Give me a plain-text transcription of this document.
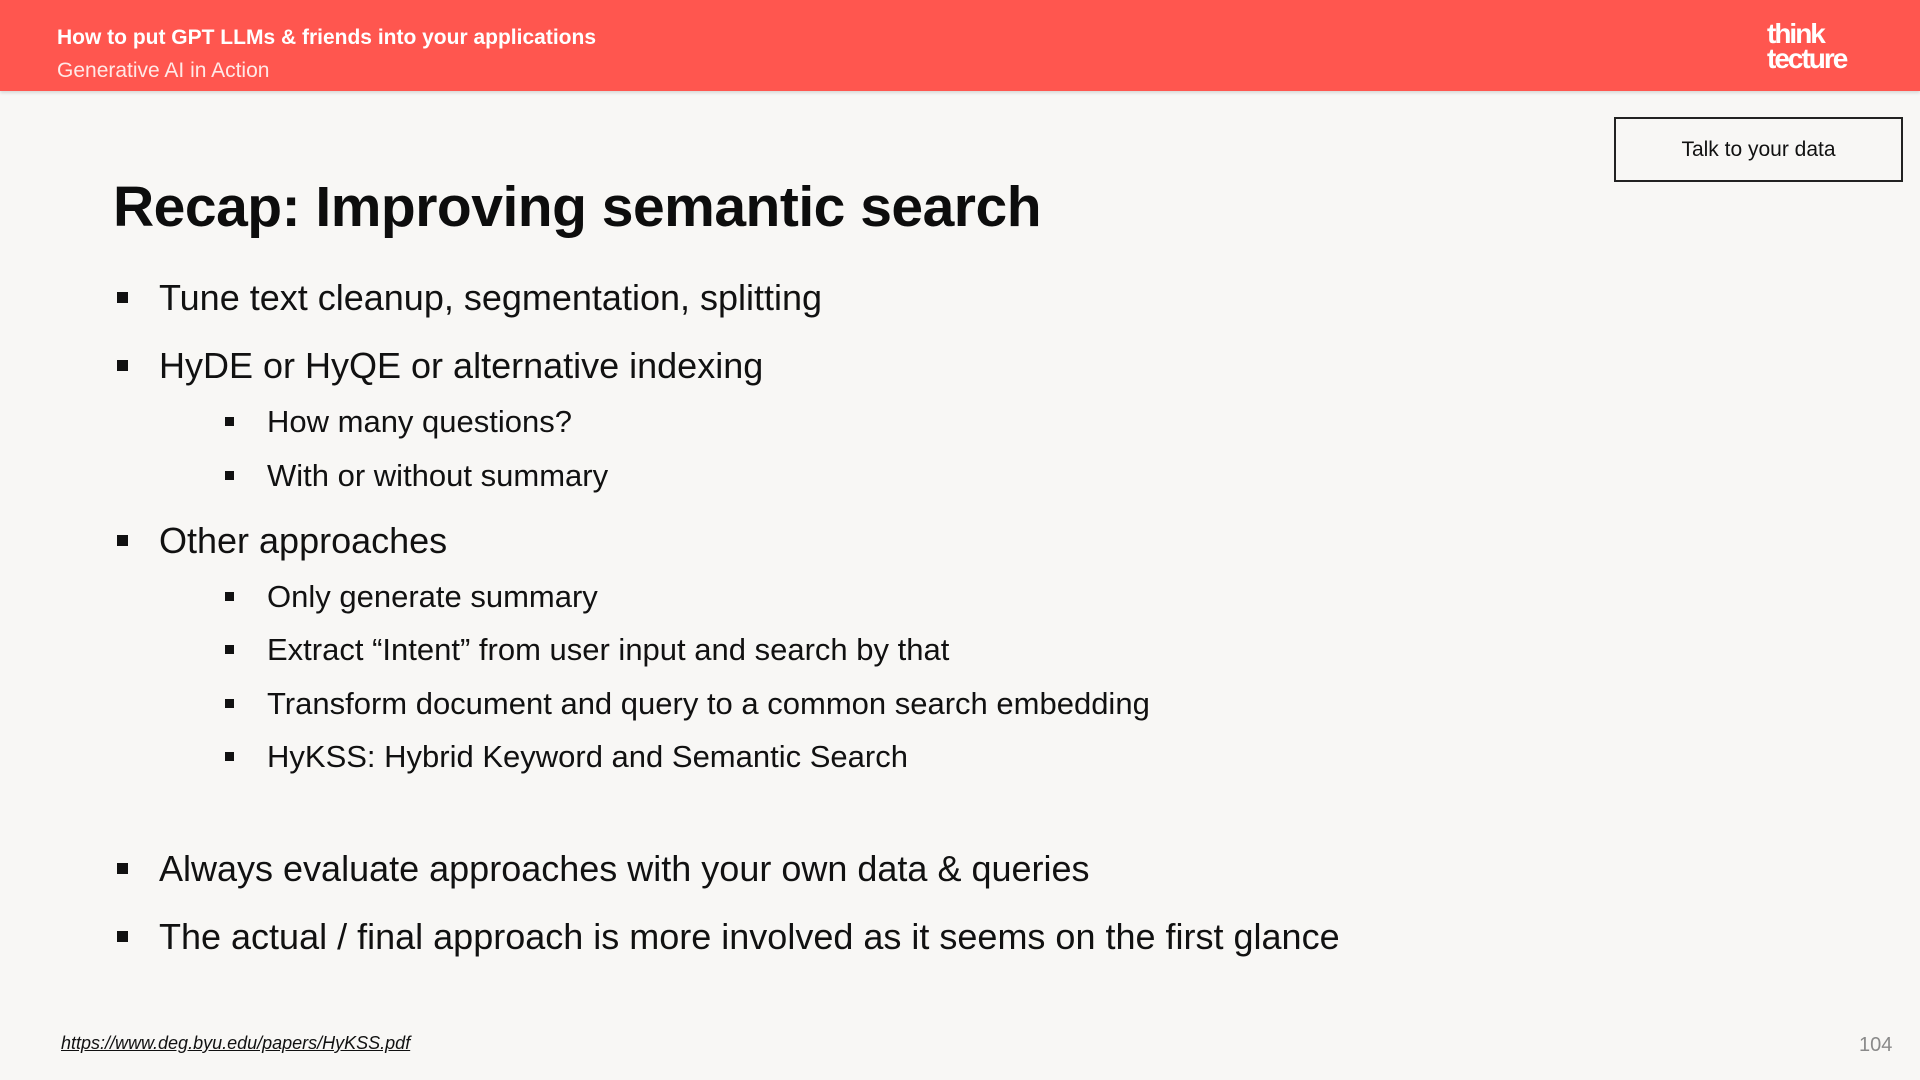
How to put GPT LLMs & friends into your applications
Generative AI in Action
think
tecture
Talk to your data
Recap: Improving semantic search
Tune text cleanup, segmentation, splitting
HyDE or HyQE or alternative indexing
How many questions?
With or without summary
Other approaches
Only generate summary
Extract “Intent” from user input and search by that
Transform document and query to a common search embedding
HyKSS: Hybrid Keyword and Semantic Search
Always evaluate approaches with your own data & queries
The actual / final approach is more involved as it seems on the first glance
https://www.deg.byu.edu/papers/HyKSS.pdf	104
